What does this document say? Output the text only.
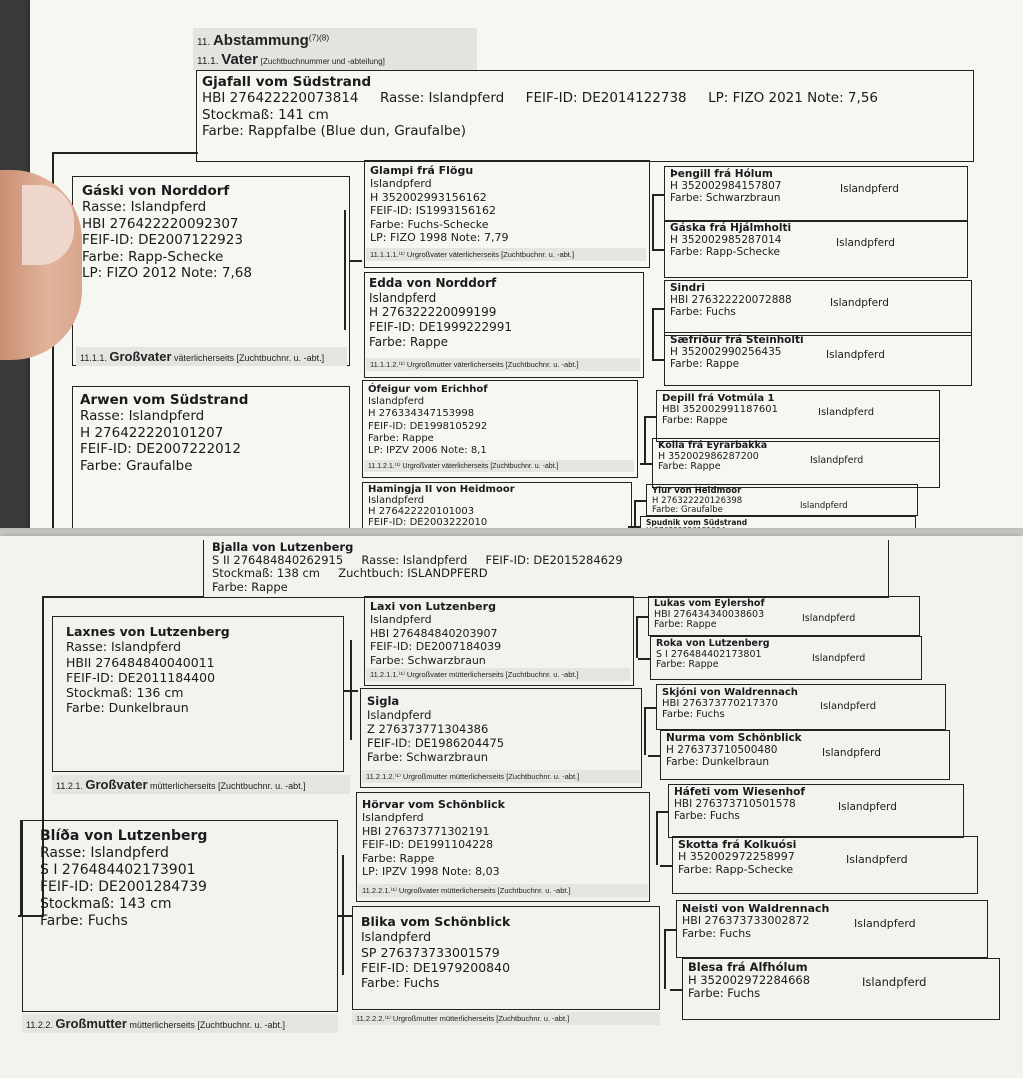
11. Abstammung$^{(7)(8)}$
11.1. Vater [Zuchtbuchnummer und -abteilung]
Gjafall vom Südstrand
HBI 276422220073814     Rasse: Islandpferd     FEIF-ID: DE2014122738     LP: FIZO 2021 Note: 7,56
Stockmaß: 141 cm
Farbe: Rappfalbe (Blue dun, Graufalbe)
Gáski von Norddorf
Rasse: Islandpferd
HBI 276422220092307
FEIF-ID: DE2007122923
Farbe: Rapp-Schecke
LP: FIZO 2012 Note: 7,68
11.1.1. Großvater väterlicherseits [Zuchtbuchnr. u. -abt.]
Arwen vom Südstrand
Rasse: Islandpferd
H 276422220101207
FEIF-ID: DE2007222012
Farbe: Graufalbe
Glampi frá Flögu
Islandpferd
H 352002993156162
FEIF-ID: IS1993156162
Farbe: Fuchs-Schecke
LP: FIZO 1998 Note: 7,79
11.1.1.1.⁽¹⁾ Urgroßvater väterlicherseits [Zuchtbuchnr. u. -abt.]
Edda von Norddorf
Islandpferd
H 276322220099199
FEIF-ID: DE1999222991
Farbe: Rappe
11.1.1.2.⁽¹⁾ Urgroßmutter väterlicherseits [Zuchtbuchnr. u. -abt.]
Ófeigur vom Erichhof
Islandpferd
H 276334347153998
FEIF-ID: DE1998105292
Farbe: Rappe
LP: IPZV 2006 Note: 8,1
11.1.2.1.⁽¹⁾ Urgroßvater väterlicherseits [Zuchtbuchnr. u. -abt.]
Hamingja II von Heidmoor
Islandpferd
H 276422220101003
FEIF-ID: DE2003222010

Þengill frá Hólum
H 352002984157807
Farbe: Schwarzbraun
Islandpferd
Gáska frá Hjálmholti
H 352002985287014
Farbe: Rapp-Schecke
Islandpferd
Sindri
HBI 276322220072888
Farbe: Fuchs
Islandpferd
Sæfríður frá Steinholti
H 352002990256435
Farbe: Rappe
Islandpferd
Depill frá Votmúla 1
HBI 352002991187601
Farbe: Rappe
Islandpferd
Kolla frá Eyrarbakka
H 352002986287200
Farbe: Rappe
Islandpferd
Ylur von Heidmoor
H 276322220126398
Farbe: Graufalbe	Islandpferd
Spudnik vom Südstrand
Bjalla von Lutzenberg
S II 276484840262915     Rasse: Islandpferd     FEIF-ID: DE2015284629
Stockmaß: 138 cm     Zuchtbuch: ISLANDPFERD
Farbe: Rappe
Laxnes von Lutzenberg
Rasse: Islandpferd
HBII 276484840040011
FEIF-ID: DE2011184400
Stockmaß: 136 cm
Farbe: Dunkelbraun
11.2.1. Großvater mütterlicherseits [Zuchtbuchnr. u. -abt.]
Blíða von Lutzenberg
Rasse: Islandpferd
S I 276484402173901
FEIF-ID: DE2001284739
Stockmaß: 143 cm
Farbe: Fuchs
11.2.2. Großmutter mütterlicherseits [Zuchtbuchnr. u. -abt.]
Laxi von Lutzenberg
Islandpferd
HBI 276484840203907
FEIF-ID: DE2007184039
Farbe: Schwarzbraun
11.2.1.1.⁽¹⁾ Urgroßvater mütterlicherseits [Zuchtbuchnr. u. -abt.]
Sigla
Islandpferd
Z 276373771304386
FEIF-ID: DE1986204475
Farbe: Schwarzbraun
11.2.1.2.⁽¹⁾ Urgroßmutter mütterlicherseits [Zuchtbuchnr. u. -abt.]
Hörvar vom Schönblick
Islandpferd
HBI 276373771302191
FEIF-ID: DE1991104228
Farbe: Rappe
LP: IPZV 1998 Note: 8,03
11.2.2.1.⁽¹⁾ Urgroßvater mütterlicherseits [Zuchtbuchnr. u. -abt.]
Blika vom Schönblick
Islandpferd
SP 276373733001579
FEIF-ID: DE1979200840
Farbe: Fuchs
11.2.2.2.⁽¹⁾ Urgroßmutter mütterlicherseits [Zuchtbuchnr. u. -abt.]
Lukas vom Eylershof
HBI 276434340038603
Farbe: Rappe
Islandpferd
Roka von Lutzenberg
S I 276484402173801
Farbe: Rappe
Islandpferd
Skjóni von Waldrennach
HBI 276373770217370
Farbe: Fuchs
Islandpferd
Nurma vom Schönblick
H 276373710500480
Farbe: Dunkelbraun
Islandpferd
Háfeti vom Wiesenhof
HBI 276373710501578
Farbe: Fuchs
Islandpferd
Skotta frá Kolkuósi
H 352002972258997
Farbe: Rapp-Schecke
Islandpferd
Neisti von Waldrennach
HBI 276373733002872
Farbe: Fuchs
Islandpferd
Blesa frá Alfhólum
H 352002972284668
Farbe: Fuchs
Islandpferd
